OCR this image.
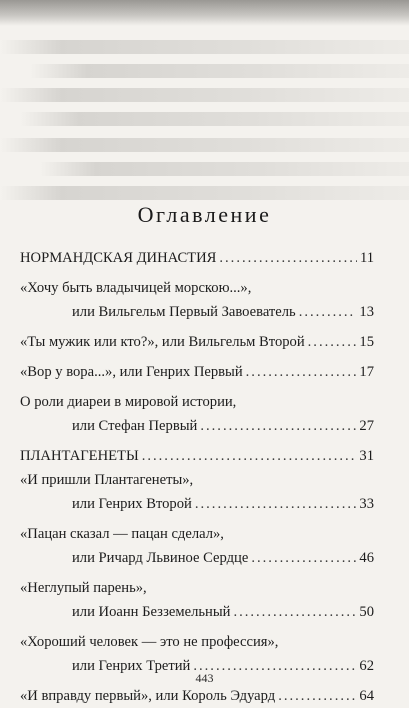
Оглавление
НОРМАНДСКАЯ ДИНАСТИЯ .....	11
«Хочу быть владычицей морскою...»,
или Вильгельм Первый Завоеватель .....	13
«Ты мужик или кто?», или Вильгельм Второй .....	15
«Вор у вора...», или Генрих Первый .....	17
О роли диареи в мировой истории,
или Стефан Первый .....	27
ПЛАНТАГЕНЕТЫ .....	31
«И пришли Плантагенеты»,
или Генрих Второй .....	33
«Пацан сказал — пацан сделал»,
или Ричард Львиное Сердце .....	46
«Неглупый парень»,
или Иоанн Безземельный .....	50
«Хороший человек — это не профессия»,
или Генрих Третий .....	62
«И вправду первый», или Король Эдуард .....	64
443
